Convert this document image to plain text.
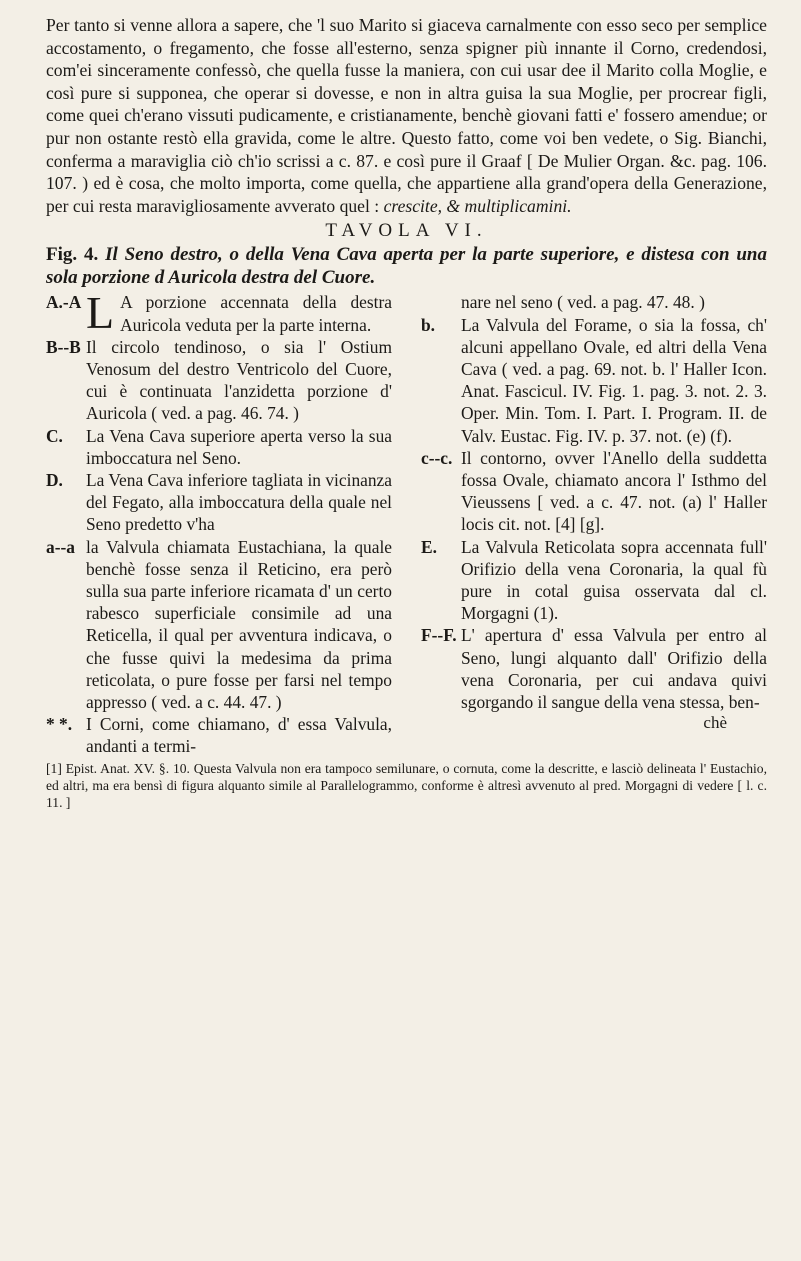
Per tanto si venne allora a sapere, che 'l suo Marito si giaceva carnalmente con esso seco per semplice accostamento, o fregamento, che fosse all'esterno, senza spigner più innante il Corno, credendosi, com'ei sinceramente confessò, che quella fusse la maniera, con cui usar dee il Marito colla Moglie, e così pure si supponea, che operar si dovesse, e non in altra guisa la sua Moglie, per procrear figli, come quei ch'erano vissuti pudicamente, e cristianamente, benchè giovani fatti e' fossero amendue; or pur non ostante restò ella gravida, come le altre. Questo fatto, come voi ben vedete, o Sig. Bianchi, conferma a maraviglia ciò ch'io scrissi a c. 87. e così pure il Graaf [ De Mulier Organ. &c. pag. 106. 107. ) ed è cosa, che molto importa, come quella, che appartiene alla grand'opera della Generazione, per cui resta maravigliosamente avverato quel : crescite, & multiplicamini.

TAVOLA VI.

Fig. 4. Il Seno destro, o della Vena Cava aperta per la parte superiore, e distesa con una sola porzione d Auricola destra del Cuore.

A.-A L A porzione accennata della destra Auricola veduta per la parte interna.
B--B Il circolo tendinoso, o sia l' Ostium Venosum del destro Ventricolo del Cuore, cui è continuata l'anzidetta porzione d' Auricola ( ved. a pag. 46. 74. )
C.	La Vena Cava superiore aperta verso la sua imboccatura nel Seno.
D.	La Vena Cava inferiore tagliata in vicinanza del Fegato, alla imboccatura della quale nel Seno predetto v'ha
a--a la Valvula chiamata Eustachiana, la quale benchè fosse senza il Reticino, era però sulla sua parte inferiore ricamata d' un certo rabesco superficiale consimile ad una Reticella, il qual per avventura indicava, o che fusse quivi la medesima da prima reticolata, o pure fosse per farsi nel tempo appresso ( ved. a c. 44. 47. )
* *. I Corni, come chiamano, d' essa Valvula, andanti a termi-
nare nel seno ( ved. a pag. 47. 48. )
b.	La Valvula del Forame, o sia la fossa, ch' alcuni appellano Ovale, ed altri della Vena Cava ( ved. a pag. 69. not. b. l' Haller Icon. Anat. Fascicul. IV. Fig. 1. pag. 3. not. 2. 3. Oper. Min. Tom. I. Part. I. Program. II. de Valv. Eustac. Fig. IV. p. 37. not. (e) (f).
c--c. Il contorno, ovver l'Anello della suddetta fossa Ovale, chiamato ancora l' Isthmo del Vieussens [ ved. a c. 47. not. (a) l' Haller locis cit. not. [4] [g].
E.	La Valvula Reticolata sopra accennata full' Orifizio della vena Coronaria, la qual fù pure in cotal guisa osservata dal cl. Morgagni (1).
F--F. L' apertura d' essa Valvula per entro al Seno, lungi alquanto dall' Orifizio della vena Coronaria, per cui andava quivi sgorgando il sangue della vena stessa, ben-
chè
[1] Epist. Anat. XV. §. 10. Questa Valvula non era tampoco semilunare, o cornuta, come la descritte, e lasciò delineata l' Eustachio, ed altri, ma era bensì di figura alquanto simile al Parallelogrammo, conforme è altresì avvenuto al pred. Morgagni di vedere [ l. c. 11. ]
